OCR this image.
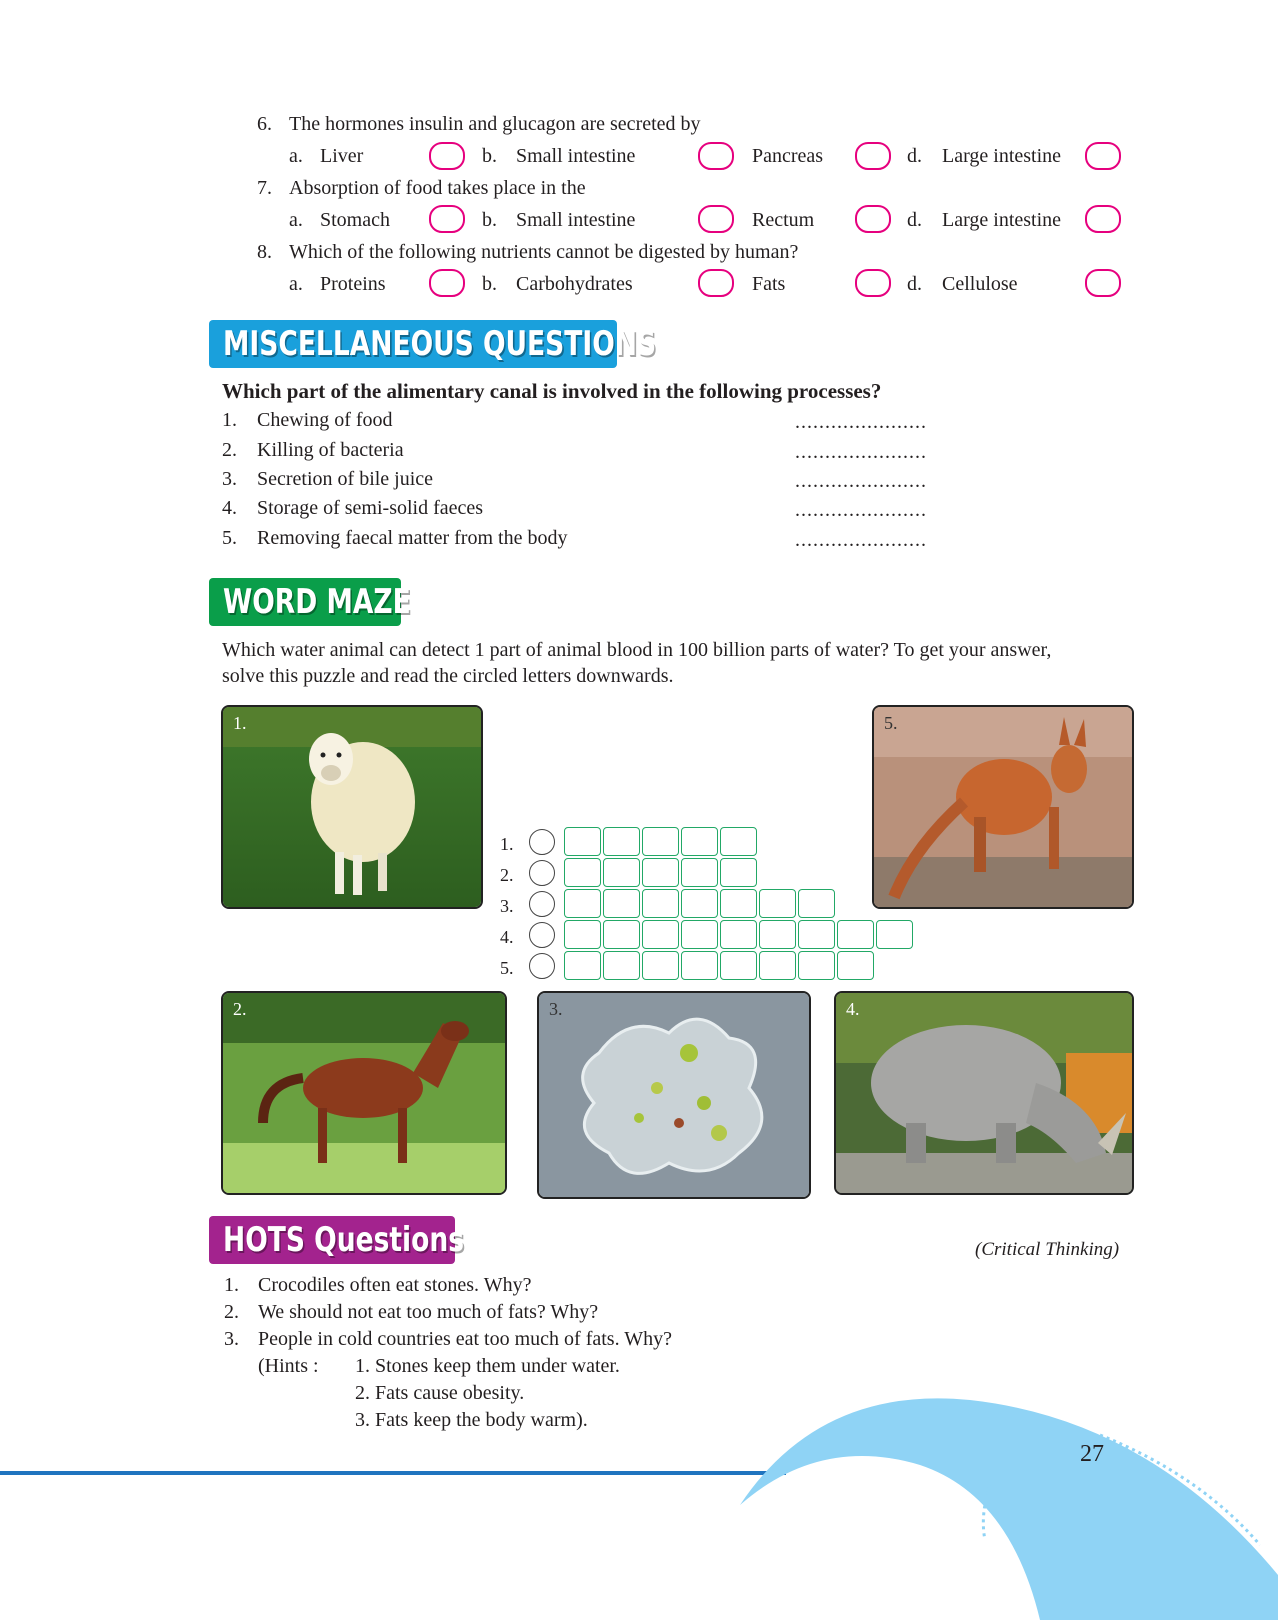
6. The hormones insulin and glucagon are secreted by
a. Liver	b. Small intestine	Pancreas	d. Large intestine
7. Absorption of food takes place in the
a. Stomach	b. Small intestine	Rectum	d. Large intestine
8. Which of the following nutrients cannot be digested by human?
a. Proteins	b. Carbohydrates	Fats	d. Cellulose
MISCELLANEOUS QUESTIONS
Which part of the alimentary canal is involved in the following processes?
1. Chewing of food	......................
2. Killing of bacteria	......................
3. Secretion of bile juice	......................
4. Storage of semi-solid faeces	......................
5. Removing faecal matter from the body	......................
WORD MAZE
Which water animal can detect 1 part of animal blood in 100 billion parts of water? To get your answer,
solve this puzzle and read the circled letters downwards.
1.	5.
1.
2.
3.
4.
5.
2.	3.	4.
HOTS Questions	(Critical Thinking)
1. Crocodiles often eat stones. Why?
2. We should not eat too much of fats? Why?
3. People in cold countries eat too much of fats. Why?
(Hints : 1. Stones keep them under water.
2. Fats cause obesity.
3. Fats keep the body warm).
27
